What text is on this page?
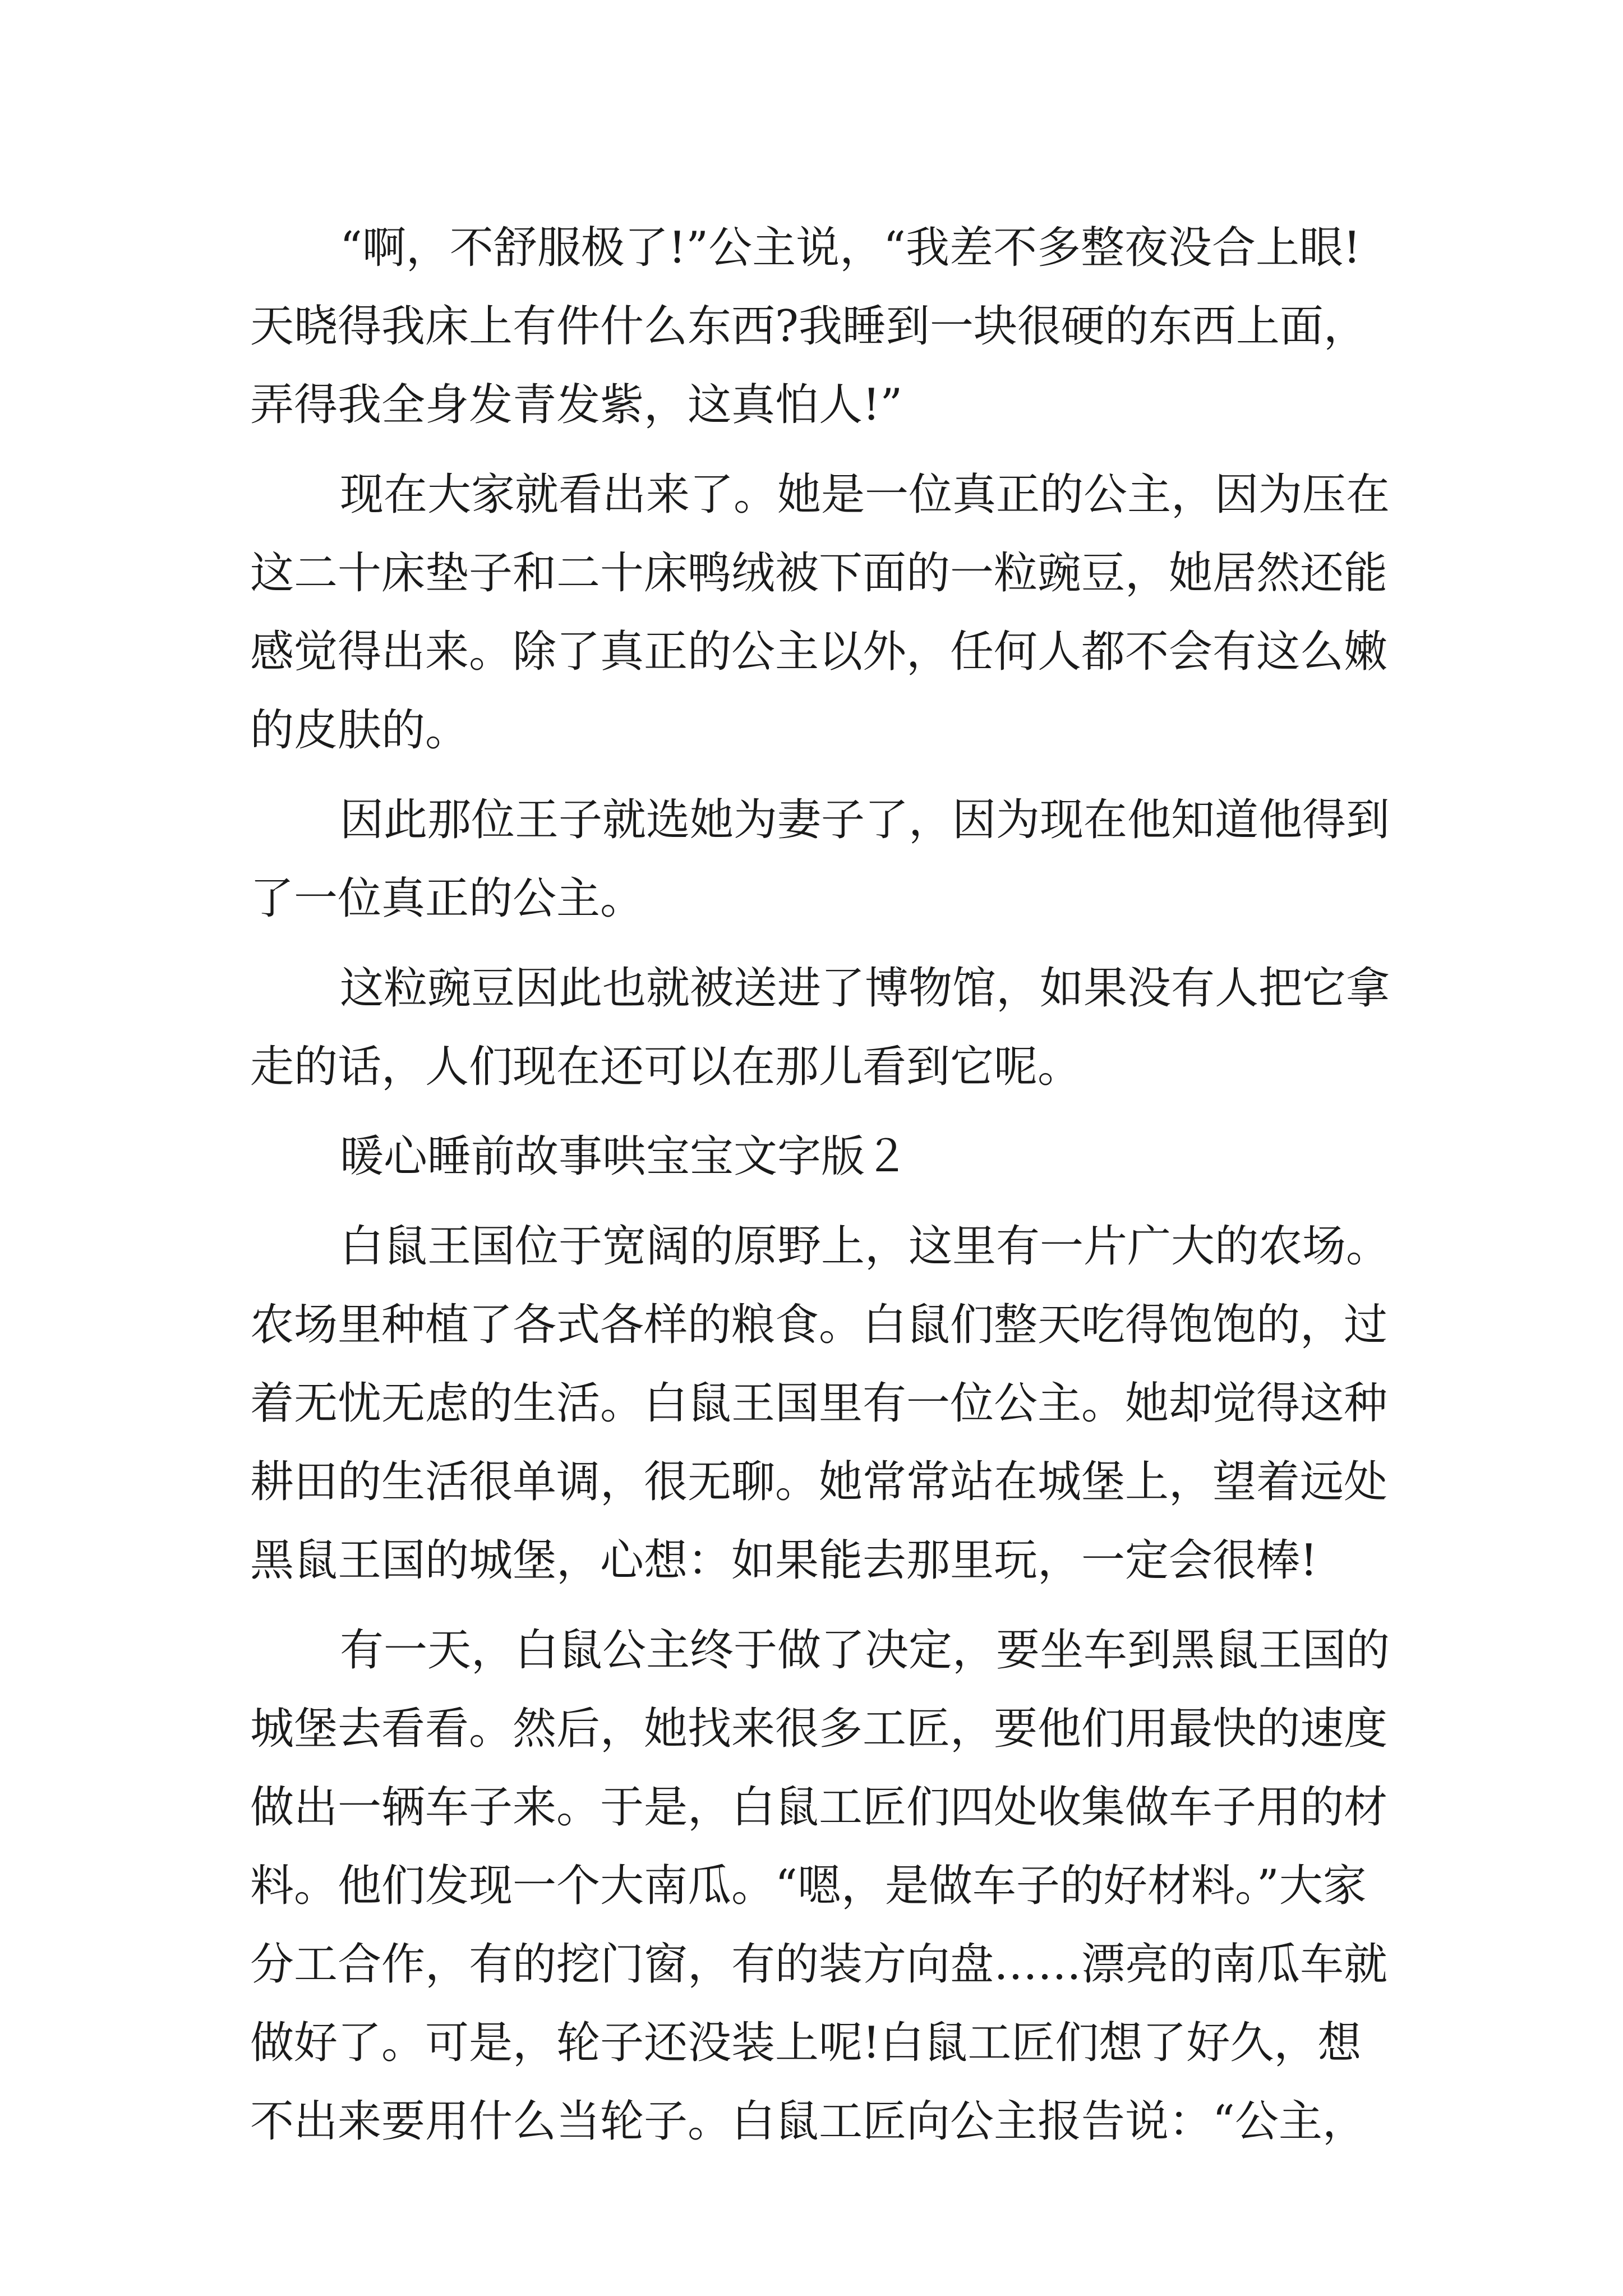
“啊，不舒服极了!”公主说，“我差不多整夜没合上眼!
天晓得我床上有件什么东西?我睡到一块很硬的东西上面，
弄得我全身发青发紫，这真怕人!”
现在大家就看出来了。她是一位真正的公主，因为压在
这二十床垫子和二十床鸭绒被下面的一粒豌豆，她居然还能
感觉得出来。除了真正的公主以外，任何人都不会有这么嫩
的皮肤的。
因此那位王子就选她为妻子了，因为现在他知道他得到
了一位真正的公主。
这粒豌豆因此也就被送进了博物馆，如果没有人把它拿
走的话，人们现在还可以在那儿看到它呢。
暖心睡前故事哄宝宝文字版２
白鼠王国位于宽阔的原野上，这里有一片广大的农场。
农场里种植了各式各样的粮食。白鼠们整天吃得饱饱的，过
着无忧无虑的生活。白鼠王国里有一位公主。她却觉得这种
耕田的生活很单调，很无聊。她常常站在城堡上，望着远处
黑鼠王国的城堡，心想：如果能去那里玩，一定会很棒!
有一天，白鼠公主终于做了决定，要坐车到黑鼠王国的
城堡去看看。然后，她找来很多工匠，要他们用最快的速度
做出一辆车子来。于是，白鼠工匠们四处收集做车子用的材
料。他们发现一个大南瓜。“嗯，是做车子的好材料。”大家
分工合作，有的挖门窗，有的装方向盘……漂亮的南瓜车就
做好了。可是，轮子还没装上呢!白鼠工匠们想了好久，想
不出来要用什么当轮子。白鼠工匠向公主报告说：“公主，
